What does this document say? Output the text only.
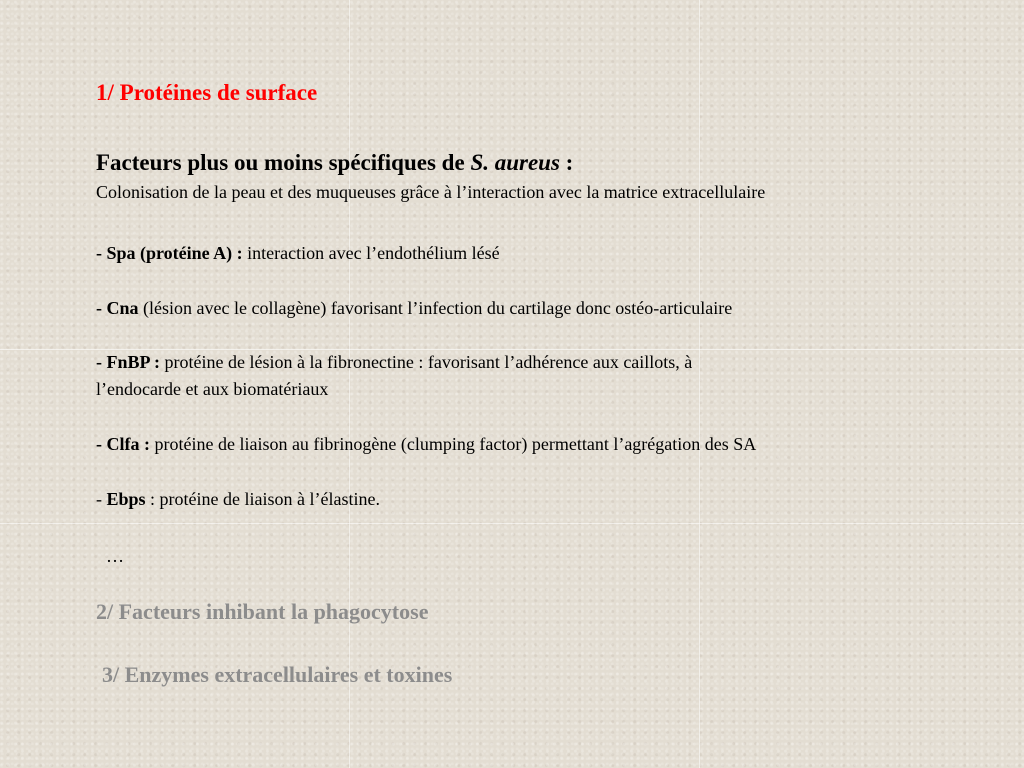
1/ Protéines de surface
Facteurs plus ou moins spécifiques de S. aureus :
Colonisation de la peau et des muqueuses grâce à l’interaction avec la matrice extracellulaire
- Spa (protéine A) : interaction avec l’endothélium lésé
- Cna (lésion avec le collagène) favorisant l’infection du cartilage donc ostéo-articulaire
- FnBP : protéine de lésion à la fibronectine : favorisant l’adhérence aux caillots, à
l’endocarde et aux biomatériaux
- Clfa : protéine de liaison au fibrinogène (clumping factor) permettant l’agrégation des SA
- Ebps : protéine de liaison à l’élastine.
…
2/ Facteurs inhibant la phagocytose
3/ Enzymes extracellulaires et toxines
